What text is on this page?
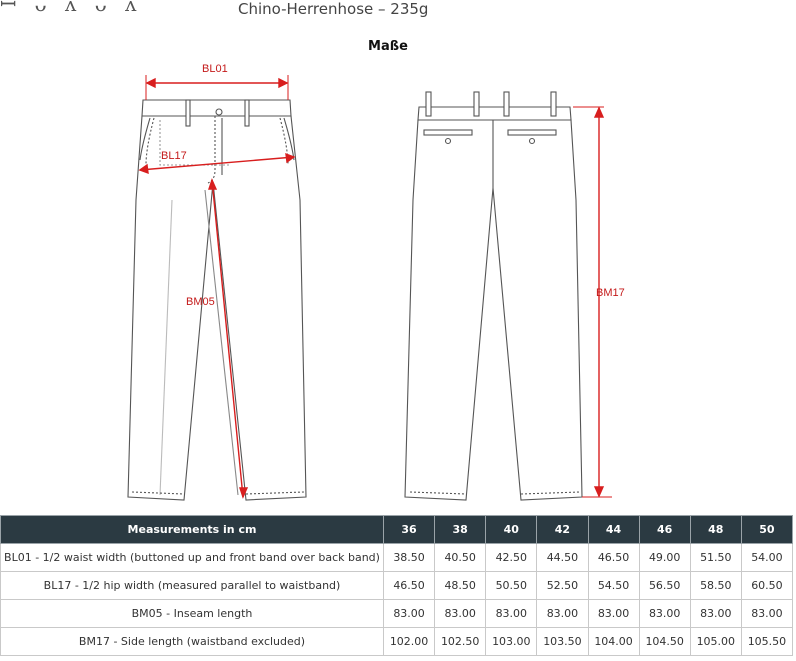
ꟷ ᴗ ᴧ ᴗ ᴧ	Chino-Herrenhose – 235g
Maße
BL01
BL17
BM05
BM17
Measurements in cm	36	38	40	42	44	46	48	50
BL01 - 1/2 waist width (buttoned up and front band over back band)	38.50	40.50	42.50	44.50	46.50	49.00	51.50	54.00
BL17 - 1/2 hip width (measured parallel to waistband)	46.50	48.50	50.50	52.50	54.50	56.50	58.50	60.50
BM05 - Inseam length	83.00	83.00	83.00	83.00	83.00	83.00	83.00	83.00
BM17 - Side length (waistband excluded)	102.00	102.50	103.00	103.50	104.00	104.50	105.00	105.50
